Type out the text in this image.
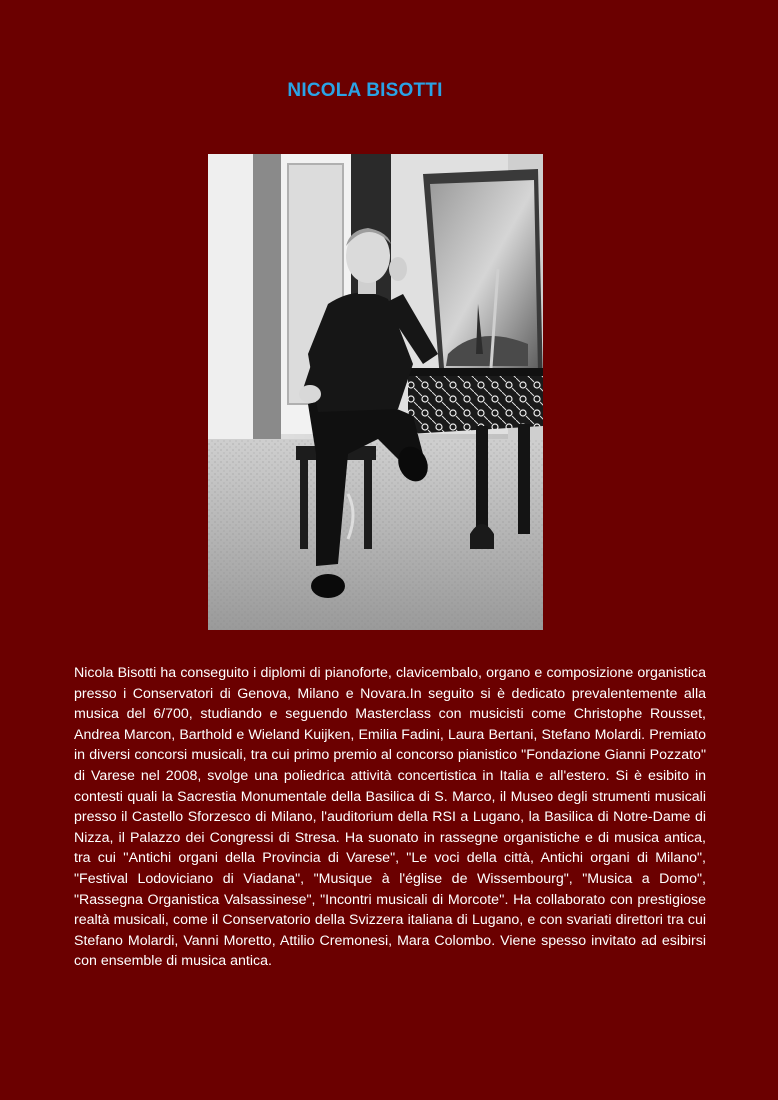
NICOLA BISOTTI

Nicola Bisotti ha conseguito i diplomi di pianoforte, clavicembalo, organo e composizione organistica presso i Conservatori di Genova, Milano e Novara.In seguito si è dedicato prevalentemente alla musica del 6/700, studiando e seguendo Masterclass con musicisti come Christophe Rousset, Andrea Marcon, Barthold e Wieland Kuijken, Emilia Fadini, Laura Bertani, Stefano Molardi. Premiato in diversi concorsi musicali, tra cui primo premio al concorso pianistico "Fondazione Gianni Pozzato" di Varese nel 2008, svolge una poliedrica attività concertistica in Italia e all'estero. Si è esibito in contesti quali la Sacrestia Monumentale della Basilica di S. Marco, il Museo degli strumenti musicali presso il Castello Sforzesco di Milano, l'auditorium della RSI a Lugano, la Basilica di Notre-Dame di Nizza, il Palazzo dei Congressi di Stresa. Ha suonato in rassegne organistiche e di musica antica, tra cui ''Antichi organi della Provincia di Varese", "Le voci della città, Antichi organi di Milano", "Festival Lodoviciano di Viadana", "Musique à l'église de Wissembourg", "Musica a Domo", "Rassegna Organistica Valsassinese", "Incontri musicali di Morcote''. Ha collaborato con prestigiose realtà musicali, come il Conservatorio della Svizzera italiana di Lugano, e con svariati direttori tra cui Stefano Molardi, Vanni Moretto, Attilio Cremonesi, Mara Colombo. Viene spesso invitato ad esibirsi con ensemble di musica antica.
